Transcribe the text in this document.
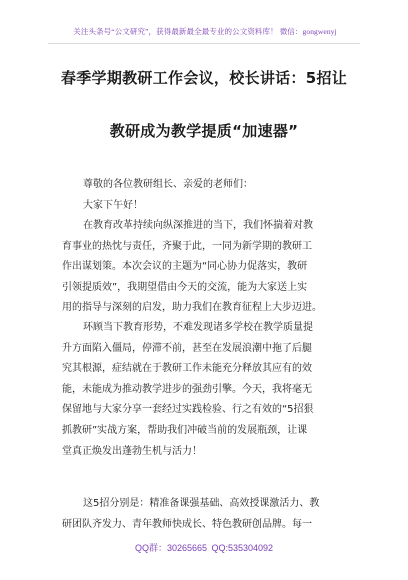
关注头条号“公文研究”，获得最新最全最专业的公文资料库！ 微信：gongwenyj
春季学期教研工作会议，校长讲话：5招让
教研成为教学提质“加速器”
尊敬的各位教研组长、亲爱的老师们：
大家下午好！
在教育改革持续向纵深推进的当下，我们怀揣着对教
育事业的热忱与责任，齐聚于此，一同为新学期的教研工
作出谋划策。本次会议的主题为“同心协力促落实，教研
引领提质效”，我期望借由今天的交流，能为大家送上实
用的指导与深刻的启发，助力我们在教育征程上大步迈进。
环顾当下教育形势，不难发现诸多学校在教学质量提
升方面陷入僵局，停滞不前，甚至在发展浪潮中拖了后腿
究其根源，症结就在于教研工作未能充分释放其应有的效
能，未能成为推动教学进步的强劲引擎。今天，我将毫无
保留地与大家分享一套经过实践检验、行之有效的“5招狠
抓教研”实战方案，帮助我们冲破当前的发展瓶颈，让课
堂真正焕发出蓬勃生机与活力！
这5招分别是：精准备课强基础、高效授课激活力、教
研团队齐发力、青年教师快成长、特色教研创品牌。每一
QQ群：30265665 QQ:535304092
